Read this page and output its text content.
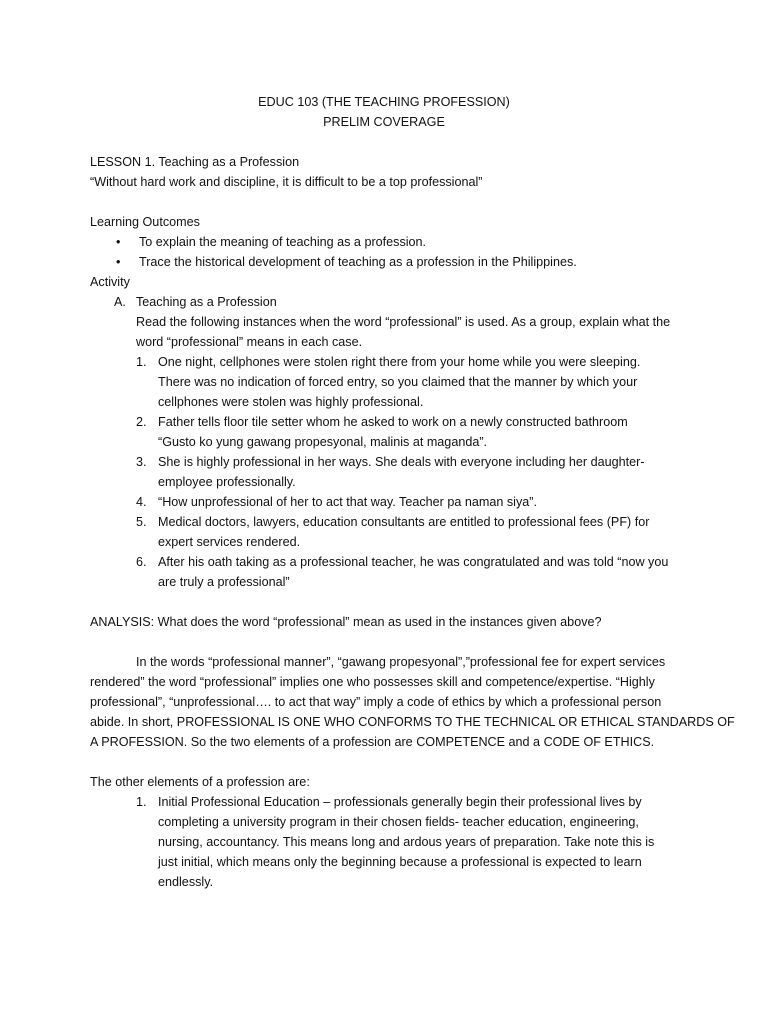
EDUC 103 (THE TEACHING PROFESSION)
PRELIM COVERAGE
LESSON 1. Teaching as a Profession
“Without hard work and discipline, it is difficult to be a top professional”
Learning Outcomes
• To explain the meaning of teaching as a profession.
• Trace the historical development of teaching as a profession in the Philippines.
Activity
A. Teaching as a Profession
Read the following instances when the word “professional” is used. As a group, explain what the
word “professional” means in each case.
1. One night, cellphones were stolen right there from your home while you were sleeping.
There was no indication of forced entry, so you claimed that the manner by which your
cellphones were stolen was highly professional.
2. Father tells floor tile setter whom he asked to work on a newly constructed bathroom
“Gusto ko yung gawang propesyonal, malinis at maganda”.
3. She is highly professional in her ways. She deals with everyone including her daughter-
employee professionally.
4. “How unprofessional of her to act that way. Teacher pa naman siya”.
5. Medical doctors, lawyers, education consultants are entitled to professional fees (PF) for
expert services rendered.
6. After his oath taking as a professional teacher, he was congratulated and was told “now you
are truly a professional”
ANALYSIS: What does the word “professional” mean as used in the instances given above?
In the words “professional manner”, “gawang propesyonal”,”professional fee for expert services
rendered” the word “professional” implies one who possesses skill and competence/expertise. “Highly
professional”, “unprofessional…. to act that way” imply a code of ethics by which a professional person
abide. In short, PROFESSIONAL IS ONE WHO CONFORMS TO THE TECHNICAL OR ETHICAL STANDARDS OF
A PROFESSION. So the two elements of a profession are COMPETENCE and a CODE OF ETHICS.
The other elements of a profession are:
1. Initial Professional Education – professionals generally begin their professional lives by
completing a university program in their chosen fields- teacher education, engineering,
nursing, accountancy. This means long and ardous years of preparation. Take note this is
just initial, which means only the beginning because a professional is expected to learn
endlessly.
